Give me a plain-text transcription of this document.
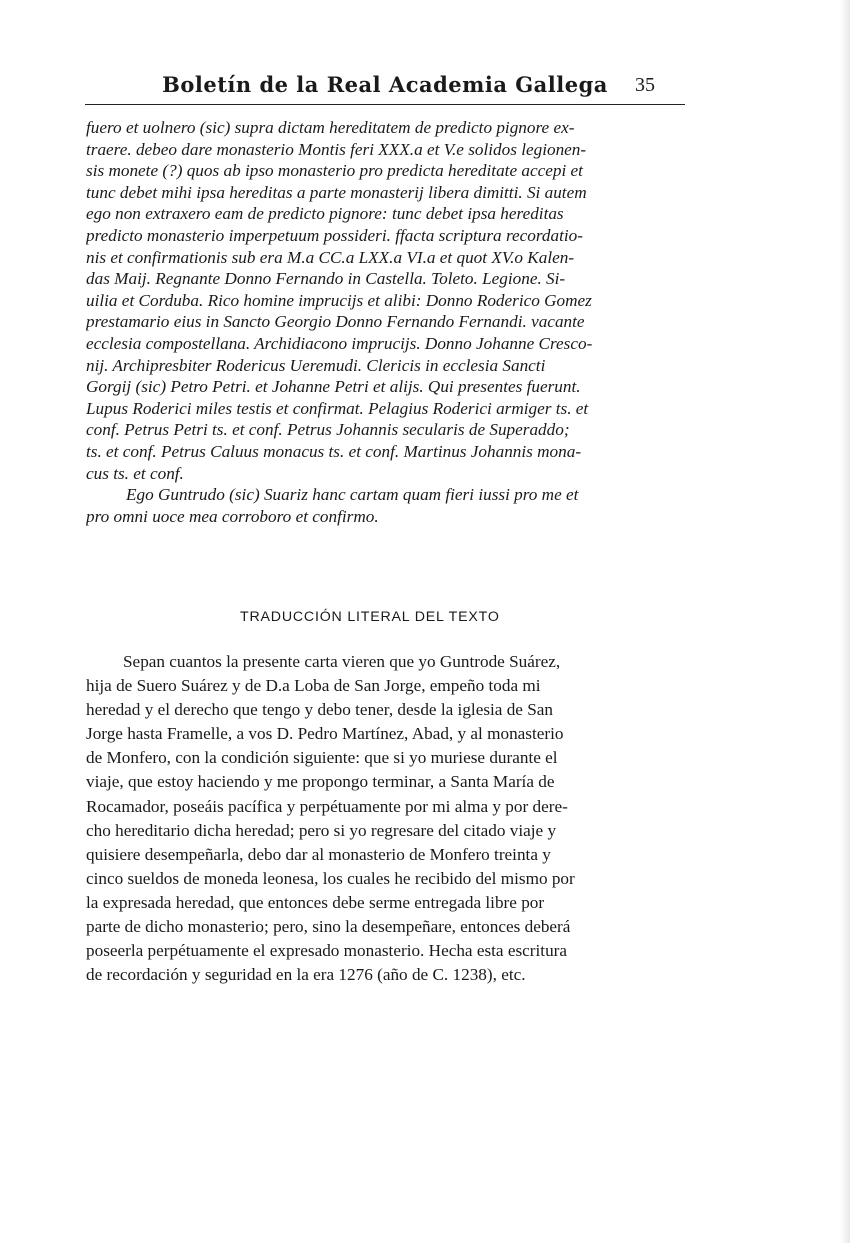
Boletín de la Real Academia Gallega	35
fuero et uolnero (sic) supra dictam hereditatem de predicto pignore ex-
traere. debeo dare monasterio Montis feri XXX.a et V.e solidos legionen-
sis monete (?) quos ab ipso monasterio pro predicta hereditate accepi et
tunc debet mihi ipsa hereditas a parte monasterij libera dimitti. Si autem
ego non extraxero eam de predicto pignore: tunc debet ipsa hereditas
predicto monasterio imperpetuum possideri. ffacta scriptura recordatio-
nis et confirmationis sub era M.a CC.a LXX.a VI.a et quot XV.o Kalen-
das Maij. Regnante Donno Fernando in Castella. Toleto. Legione. Si-
uilia et Corduba. Rico homine imprucijs et alibi: Donno Roderico Gomez
prestamario eius in Sancto Georgio Donno Fernando Fernandi. vacante
ecclesia compostellana. Archidiacono imprucijs. Donno Johanne Cresco-
nij. Archipresbiter Rodericus Ueremudi. Clericis in ecclesia Sancti
Gorgij (sic) Petro Petri. et Johanne Petri et alijs. Qui presentes fuerunt.
Lupus Roderici miles testis et confirmat. Pelagius Roderici armiger ts. et
conf. Petrus Petri ts. et conf. Petrus Johannis secularis de Superaddo;
ts. et conf. Petrus Caluus monacus ts. et conf. Martinus Johannis mona-
cus ts. et conf.
Ego Guntrudo (sic) Suariz hanc cartam quam fieri iussi pro me et
pro omni uoce mea corroboro et confirmo.
TRADUCCIÓN LITERAL DEL TEXTO
Sepan cuantos la presente carta vieren que yo Guntrode Suárez,
hija de Suero Suárez y de D.a Loba de San Jorge, empeño toda mi
heredad y el derecho que tengo y debo tener, desde la iglesia de San
Jorge hasta Framelle, a vos D. Pedro Martínez, Abad, y al monasterio
de Monfero, con la condición siguiente: que si yo muriese durante el
viaje, que estoy haciendo y me propongo terminar, a Santa María de
Rocamador, poseáis pacífica y perpétuamente por mi alma y por dere-
cho hereditario dicha heredad; pero si yo regresare del citado viaje y
quisiere desempeñarla, debo dar al monasterio de Monfero treinta y
cinco sueldos de moneda leonesa, los cuales he recibido del mismo por
la expresada heredad, que entonces debe serme entregada libre por
parte de dicho monasterio; pero, sino la desempeñare, entonces deberá
poseerla perpétuamente el expresado monasterio. Hecha esta escritura
de recordación y seguridad en la era 1276 (año de C. 1238), etc.
